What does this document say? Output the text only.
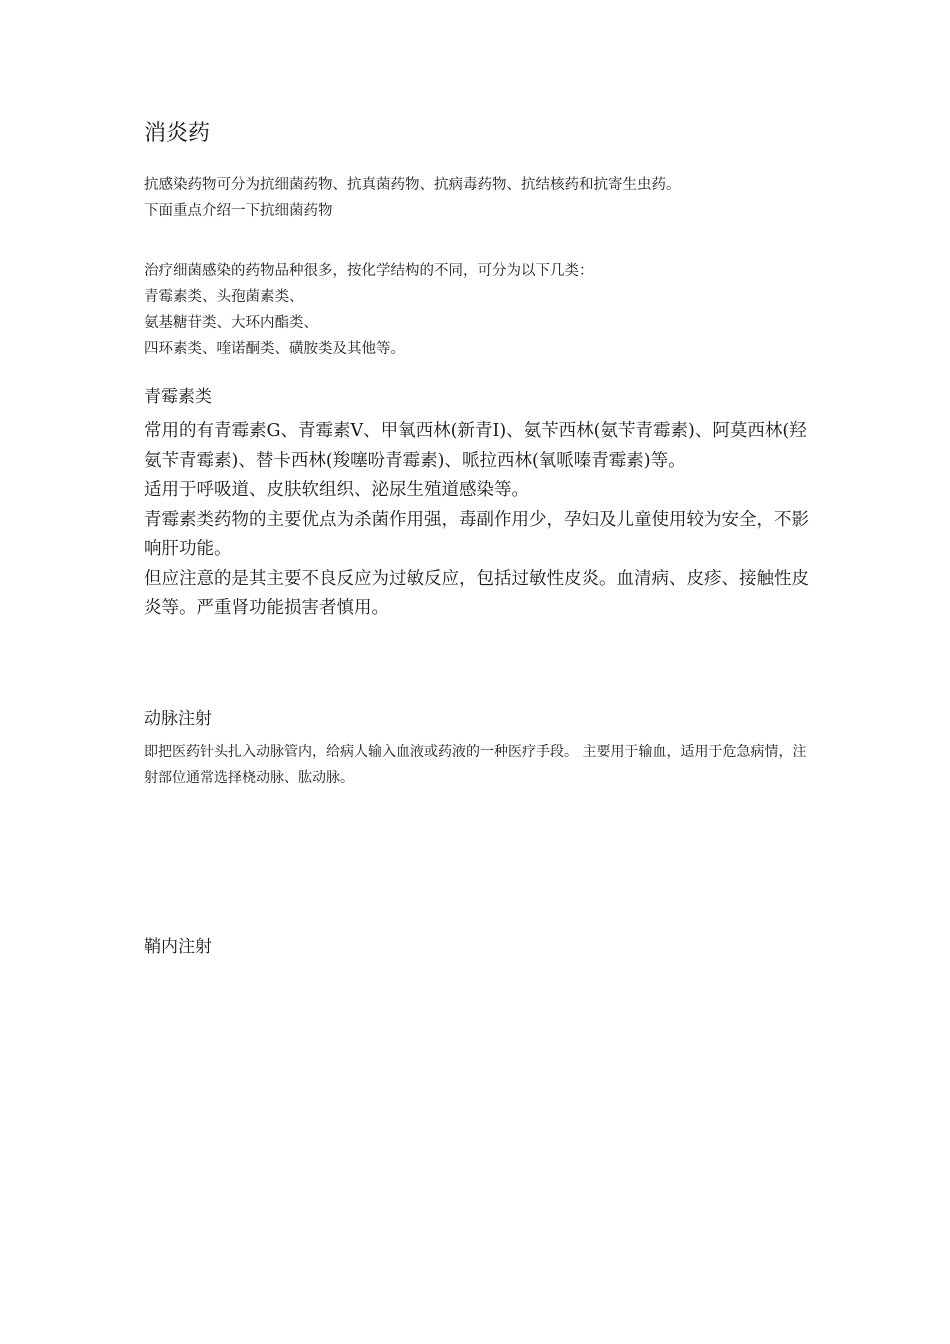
消炎药

抗感染药物可分为抗细菌药物、抗真菌药物、抗病毒药物、抗结核药和抗寄生虫药。

下面重点介绍一下抗细菌药物

治疗细菌感染的药物品种很多，按化学结构的不同，可分为以下几类：

青霉素类、头孢菌素类、

氨基糖苷类、大环内酯类、

四环素类、喹诺酮类、磺胺类及其他等。

青霉素类

常用的有青霉素G、青霉素V、甲氧西林(新青I)、氨苄西林(氨苄青霉素)、阿莫西林(羟氨苄青霉素)、替卡西林(羧噻吩青霉素)、哌拉西林(氧哌嗪青霉素)等。

适用于呼吸道、皮肤软组织、泌尿生殖道感染等。

青霉素类药物的主要优点为杀菌作用强，毒副作用少，孕妇及儿童使用较为安全，不影响肝功能。

但应注意的是其主要不良反应为过敏反应，包括过敏性皮炎。血清病、皮疹、接触性皮炎等。严重肾功能损害者慎用。

动脉注射

即把医药针头扎入动脉管内，给病人输入血液或药液的一种医疗手段。 主要用于输血，适用于危急病情，注射部位通常选择桡动脉、肱动脉。

鞘内注射
